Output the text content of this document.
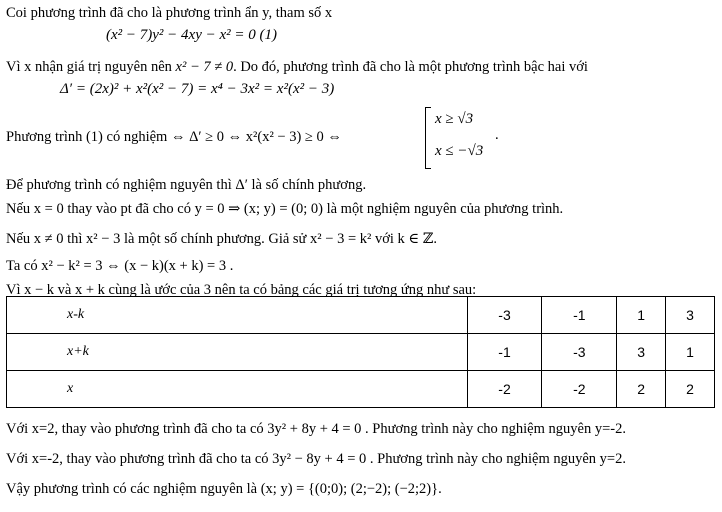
Coi phương trình đã cho là phương trình ẩn y, tham số x
(x² − 7)y² − 4xy − x² = 0 (1)
Vì x nhận giá trị nguyên nên x² − 7 ≠ 0. Do đó, phương trình đã cho là một phương trình bậc hai với
Δ′ = (2x)² + x²(x² − 7) = x⁴ − 3x² = x²(x² − 3)
Phương trình (1) có nghiệm ⇔ Δ′ ≥ 0 ⇔ x²(x² − 3) ≥ 0 ⇔
x ≥ √3
x ≤ −√3
.
Để phương trình có nghiệm nguyên thì Δ′ là số chính phương.
Nếu x = 0 thay vào pt đã cho có y = 0 ⇒ (x; y) = (0; 0) là một nghiệm nguyên của phương trình.
Nếu x ≠ 0 thì x² − 3 là một số chính phương. Giả sử x² − 3 = k² với k ∈ ℤ.
Ta có x² − k² = 3 ⇔ (x − k)(x + k) = 3 .
Vì x − k và x + k cùng là ước của 3 nên ta có bảng các giá trị tương ứng như sau:
x-k	-3	-1	1	3
x+k	-1	-3	3	1
x	-2	-2	2	2
Với x=2, thay vào phương trình đã cho ta có 3y² + 8y + 4 = 0 . Phương trình này cho nghiệm nguyên y=-2.
Với x=-2, thay vào phương trình đã cho ta có 3y² − 8y + 4 = 0 . Phương trình này cho nghiệm nguyên y=2.
Vậy phương trình có các nghiệm nguyên là (x; y) = {(0;0); (2;−2); (−2;2)}.
